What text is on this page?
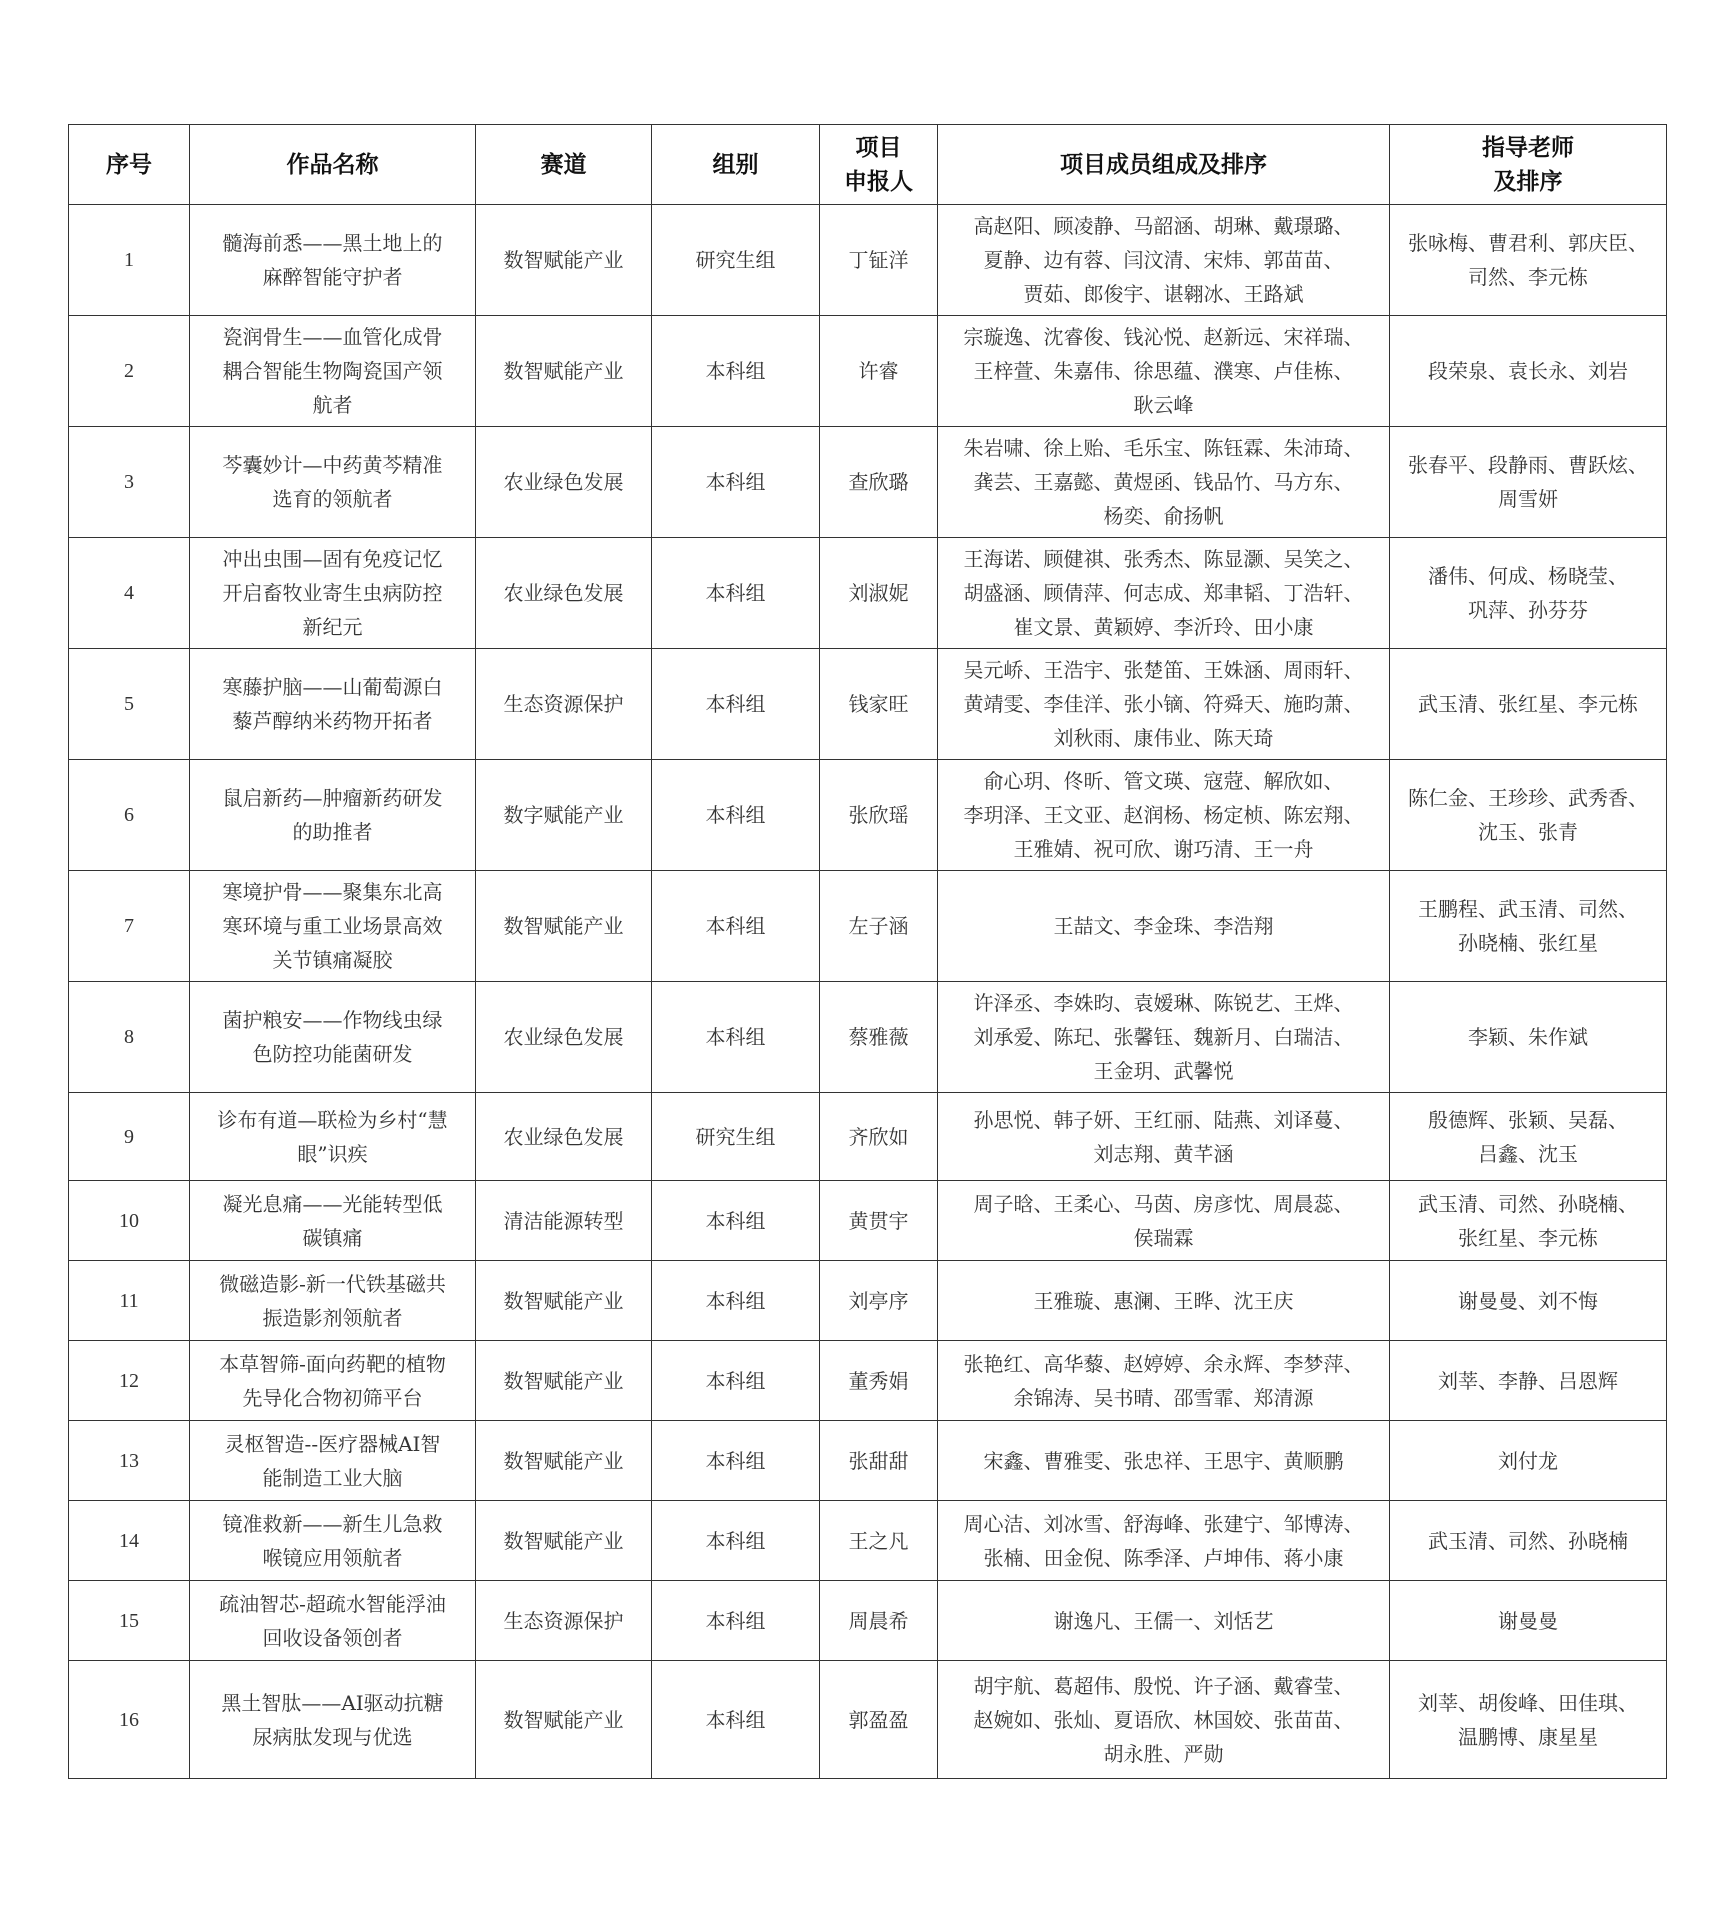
序号	作品名称	赛道	组别	项目
申报人	项目成员组成及排序	指导老师
及排序

1	髓海前悉——黑土地上的
麻醉智能守护者	数智赋能产业	研究生组	丁钲洋	高赵阳、顾凌静、马韶涵、胡琳、戴璟璐、
夏静、边有蓉、闫汶清、宋炜、郭苗苗、
贾茹、郎俊宇、谌翱冰、王路斌	张咏梅、曹君利、郭庆臣、
司然、李元栋

2	瓷润骨生——血管化成骨
耦合智能生物陶瓷国产领
航者	数智赋能产业	本科组	许睿	宗璇逸、沈睿俊、钱沁悦、赵新远、宋祥瑞、
王梓萱、朱嘉伟、徐思蕴、濮寒、卢佳栋、
耿云峰	段荣泉、袁长永、刘岩

3	芩囊妙计—中药黄芩精准
选育的领航者	农业绿色发展	本科组	查欣璐	朱岩啸、徐上贻、毛乐宝、陈钰霖、朱沛琦、
龚芸、王嘉懿、黄煜函、钱品竹、马方东、
杨奕、俞扬帆	张春平、段静雨、曹跃炫、
周雪妍

4	冲出虫围—固有免疫记忆
开启畜牧业寄生虫病防控
新纪元	农业绿色发展	本科组	刘淑妮	王海诺、顾健祺、张秀杰、陈显灏、吴笑之、
胡盛涵、顾倩萍、何志成、郑聿韬、丁浩轩、
崔文景、黄颖婷、李沂玲、田小康	潘伟、何成、杨晓莹、
巩萍、孙芬芬

5	寒藤护脑——山葡萄源白
藜芦醇纳米药物开拓者	生态资源保护	本科组	钱家旺	吴元峤、王浩宇、张楚笛、王姝涵、周雨轩、
黄靖雯、李佳洋、张小镝、符舜天、施昀萧、
刘秋雨、康伟业、陈天琦	武玉清、张红星、李元栋

6	鼠启新药—肿瘤新药研发
的助推者	数字赋能产业	本科组	张欣瑶	俞心玥、佟昕、管文瑛、寇蒄、解欣如、
李玥泽、王文亚、赵润杨、杨定桢、陈宏翔、
王雅婧、祝可欣、谢巧清、王一舟	陈仁金、王珍珍、武秀香、
沈玉、张青

7	寒境护骨——聚集东北高
寒环境与重工业场景高效
关节镇痛凝胶	数智赋能产业	本科组	左子涵	王喆文、李金珠、李浩翔	王鹏程、武玉清、司然、
孙晓楠、张红星

8	菌护粮安——作物线虫绿
色防控功能菌研发	农业绿色发展	本科组	蔡雅薇	许泽丞、李姝昀、袁嫒琳、陈锐艺、王烨、
刘承爱、陈玘、张馨钰、魏新月、白瑞洁、
王金玥、武馨悦	李颖、朱作斌

9	诊布有道—联检为乡村“慧
眼”识疾	农业绿色发展	研究生组	齐欣如	孙思悦、韩子妍、王红丽、陆燕、刘译蔓、
刘志翔、黄芊涵	殷德辉、张颖、吴磊、
吕鑫、沈玉

10	凝光息痛——光能转型低
碳镇痛	清洁能源转型	本科组	黄贯宇	周子晗、王柔心、马茵、房彦忱、周晨蕊、
侯瑞霖	武玉清、司然、孙晓楠、
张红星、李元栋

11	微磁造影-新一代铁基磁共
振造影剂领航者	数智赋能产业	本科组	刘亭序	王雅璇、惠澜、王晔、沈王庆	谢曼曼、刘不悔

12	本草智筛-面向药靶的植物
先导化合物初筛平台	数智赋能产业	本科组	董秀娟	张艳红、高华藜、赵婷婷、余永辉、李梦萍、
余锦涛、吴书晴、邵雪霏、郑清源	刘莘、李静、吕恩辉

13	灵枢智造--医疗器械AI智
能制造工业大脑	数智赋能产业	本科组	张甜甜	宋鑫、曹雅雯、张忠祥、王思宇、黄顺鹏	刘付龙

14	镜准救新——新生儿急救
喉镜应用领航者	数智赋能产业	本科组	王之凡	周心洁、刘冰雪、舒海峰、张建宁、邹博涛、
张楠、田金倪、陈季泽、卢坤伟、蒋小康	武玉清、司然、孙晓楠

15	疏油智芯-超疏水智能浮油
回收设备领创者	生态资源保护	本科组	周晨希	谢逸凡、王儒一、刘恬艺	谢曼曼

16	黑土智肽——AI驱动抗糖
尿病肽发现与优选	数智赋能产业	本科组	郭盈盈	胡宇航、葛超伟、殷悦、许子涵、戴睿莹、
赵婉如、张灿、夏语欣、林国姣、张苗苗、
胡永胜、严勋	刘莘、胡俊峰、田佳琪、
温鹏博、康星星
